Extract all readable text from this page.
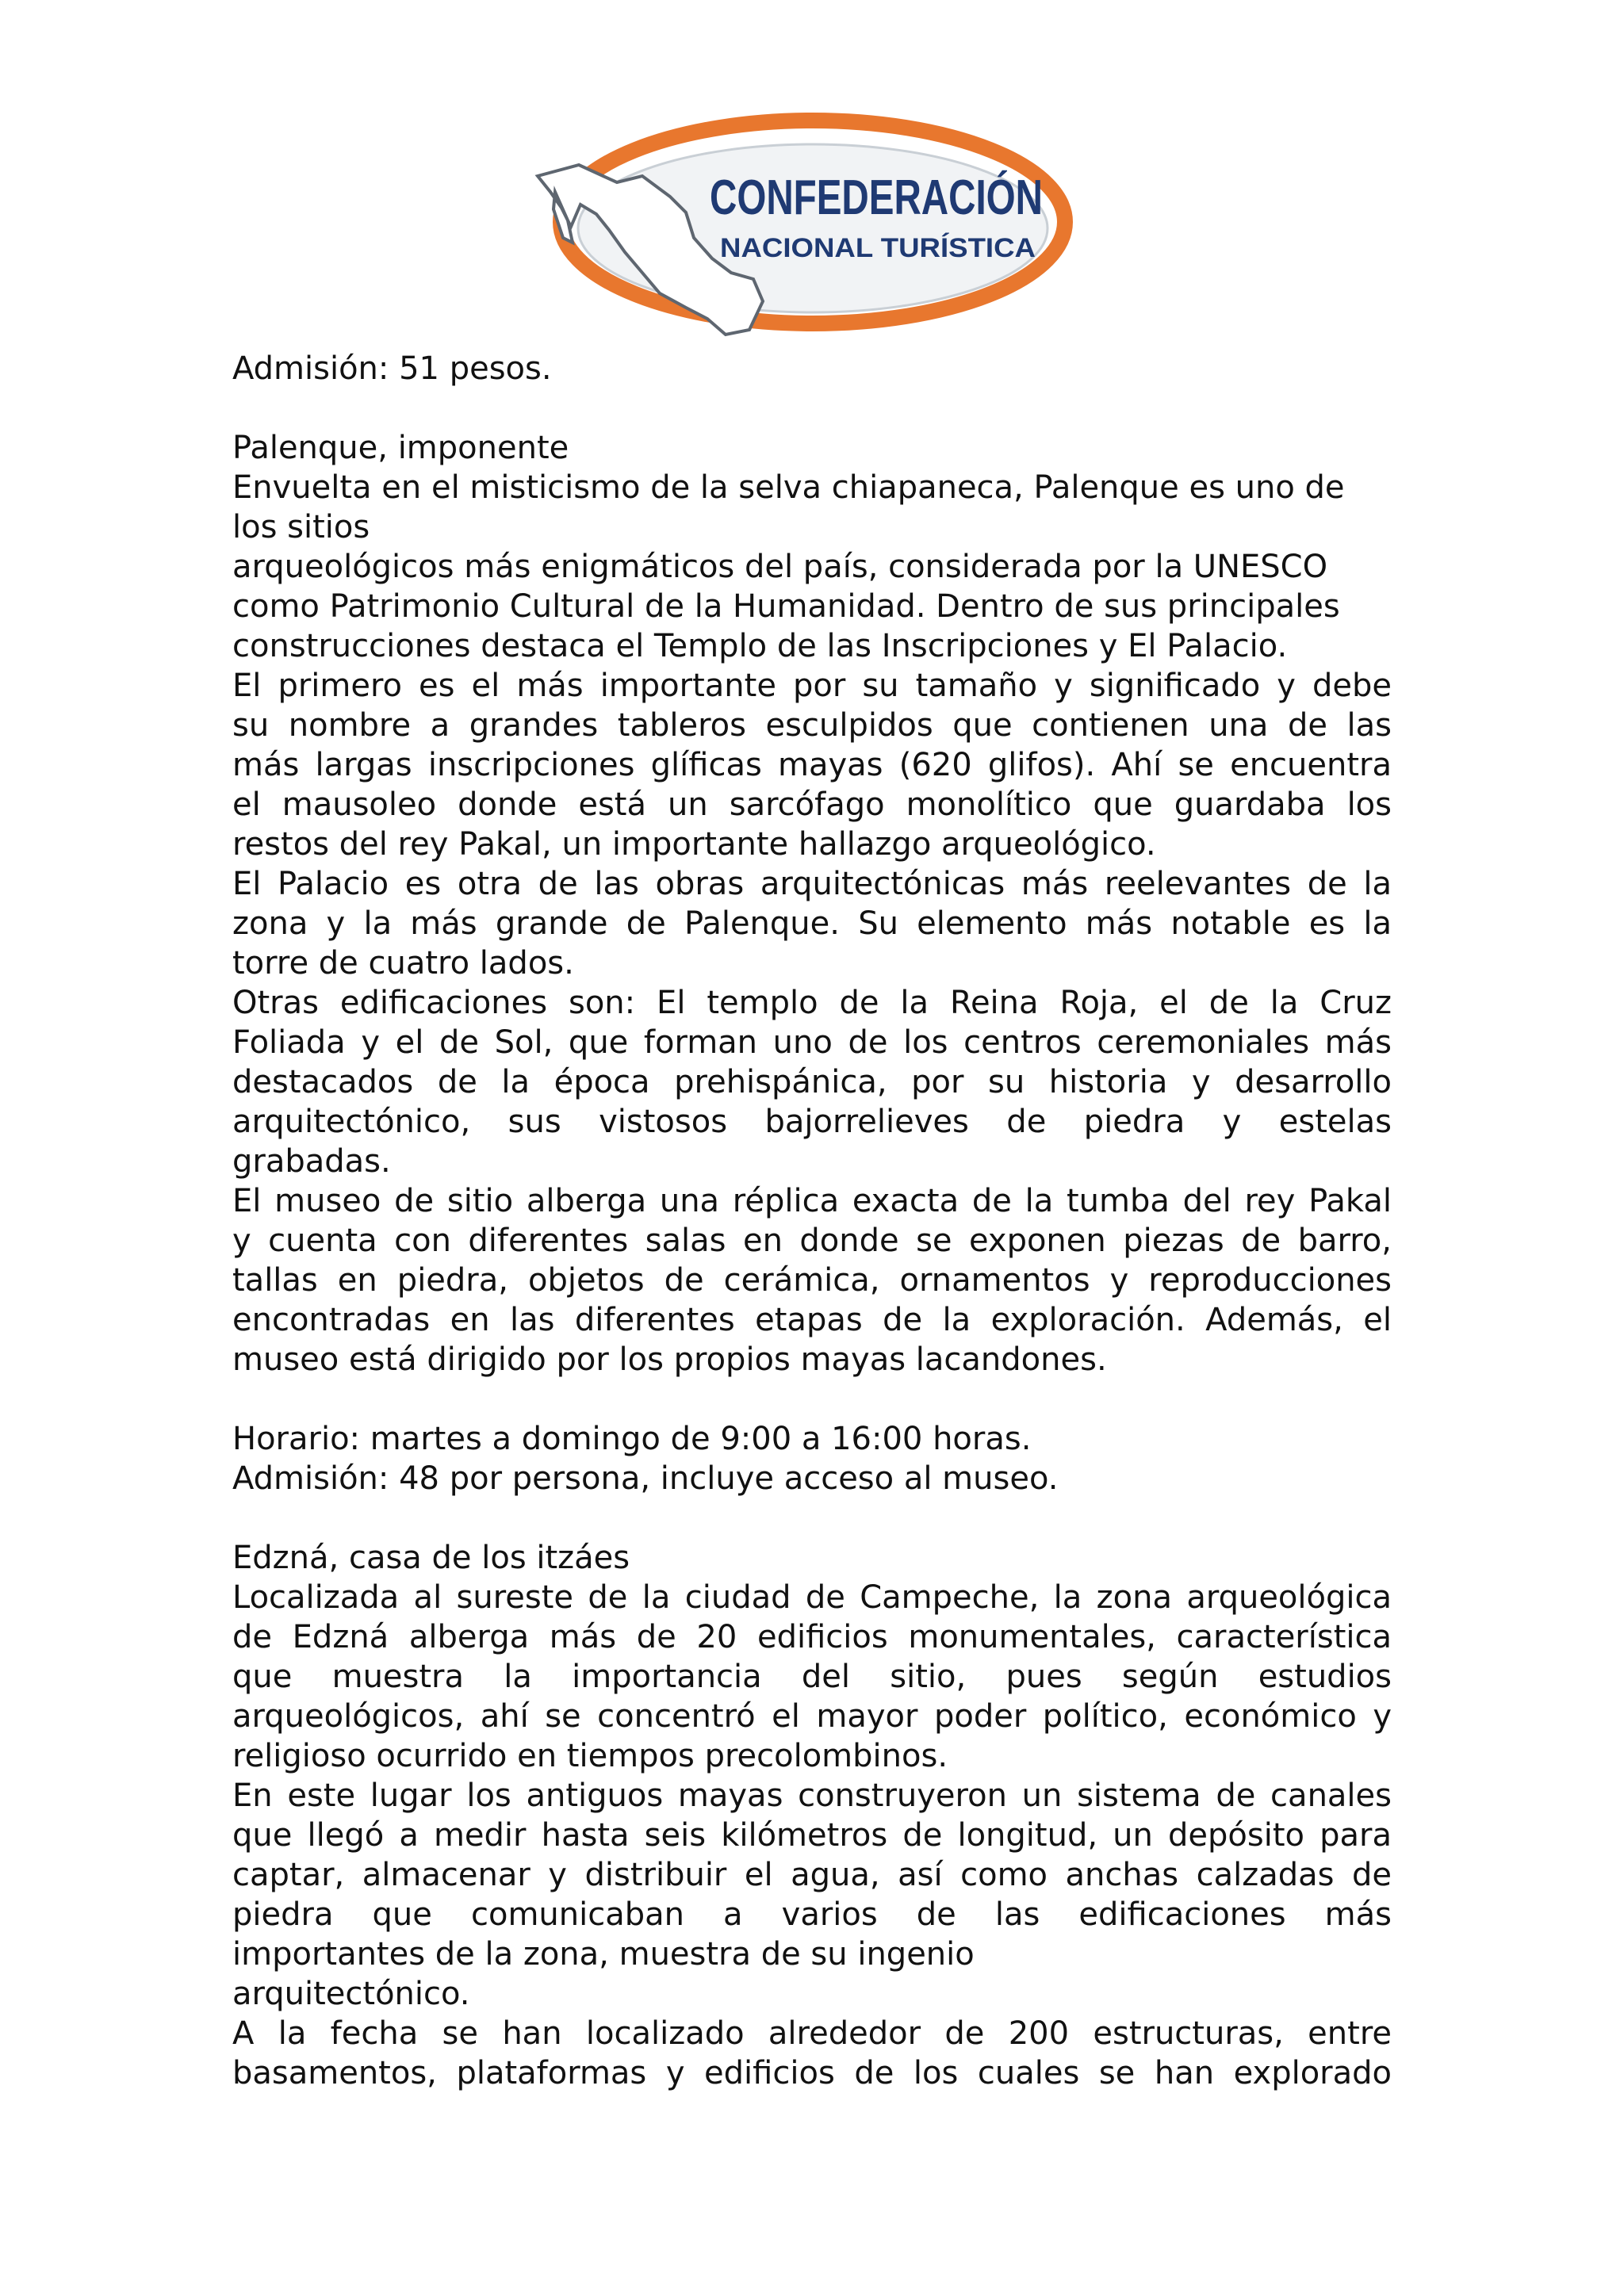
CONFEDERACIÓN
NACIONAL TURÍSTICA
Admisión: 51 pesos.
Palenque, imponente
Envuelta en el misticismo de la selva chiapaneca, Palenque es uno de
los sitios
arqueológicos más enigmáticos del país, considerada por la UNESCO
como Patrimonio Cultural de la Humanidad. Dentro de sus principales
construcciones destaca el Templo de las Inscripciones y El Palacio.
El primero es el más importante por su tamaño y significado y debe
su nombre a grandes tableros esculpidos que contienen una de las
más largas inscripciones glíficas mayas (620 glifos). Ahí se encuentra
el mausoleo donde está un sarcófago monolítico que guardaba los
restos del rey Pakal, un importante hallazgo arqueológico.
El Palacio es otra de las obras arquitectónicas más reelevantes de la
zona y la más grande de Palenque. Su elemento más notable es la
torre de cuatro lados.
Otras edificaciones son: El templo de la Reina Roja, el de la Cruz
Foliada y el de Sol, que forman uno de los centros ceremoniales más
destacados de la época prehispánica, por su historia y desarrollo
arquitectónico, sus vistosos bajorrelieves de piedra y estelas
grabadas.
El museo de sitio alberga una réplica exacta de la tumba del rey Pakal
y cuenta con diferentes salas en donde se exponen piezas de barro,
tallas en piedra, objetos de cerámica, ornamentos y reproducciones
encontradas en las diferentes etapas de la exploración. Además, el
museo está dirigido por los propios mayas lacandones.
Horario: martes a domingo de 9:00 a 16:00 horas.
Admisión: 48 por persona, incluye acceso al museo.
Edzná, casa de los itzáes
Localizada al sureste de la ciudad de Campeche, la zona arqueológica
de Edzná alberga más de 20 edificios monumentales, característica
que muestra la importancia del sitio, pues según estudios
arqueológicos, ahí se concentró el mayor poder político, económico y
religioso ocurrido en tiempos precolombinos.
En este lugar los antiguos mayas construyeron un sistema de canales
que llegó a medir hasta seis kilómetros de longitud, un depósito para
captar, almacenar y distribuir el agua, así como anchas calzadas de
piedra que comunicaban a varios de las edificaciones más
importantes de la zona, muestra de su ingenio
arquitectónico.
A la fecha se han localizado alrededor de 200 estructuras, entre
basamentos, plataformas y edificios de los cuales se han explorado
